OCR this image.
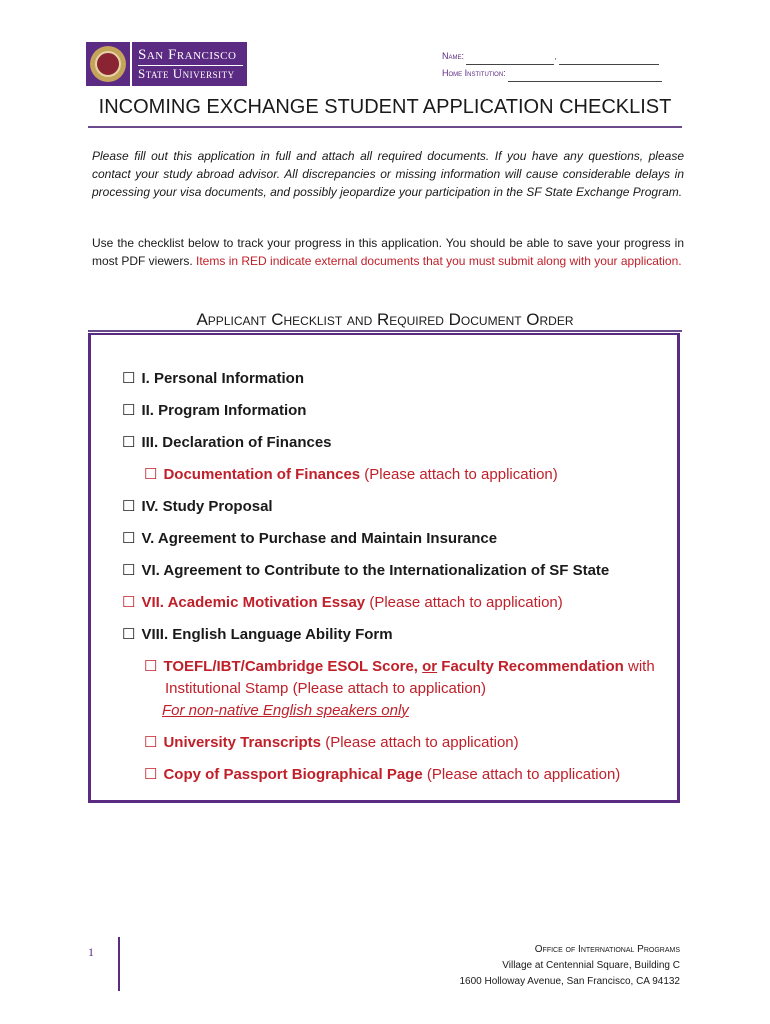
San Francisco
State University
Name:	,
Home Institution:
INCOMING EXCHANGE STUDENT APPLICATION CHECKLIST
Please fill out this application in full and attach all required documents. If you have any questions, please contact your study abroad advisor. All discrepancies or missing information will cause considerable delays in processing your visa documents, and possibly jeopardize your participation in the SF State Exchange Program.
Use the checklist below to track your progress in this application. You should be able to save your progress in most PDF viewers. Items in RED indicate external documents that you must submit along with your application.
Applicant Checklist and Required Document Order
☐ I. Personal Information
☐ II. Program Information
☐ III. Declaration of Finances
☐ Documentation of Finances (Please attach to application)
☐ IV. Study Proposal
☐ V. Agreement to Purchase and Maintain Insurance
☐ VI. Agreement to Contribute to the Internationalization of SF State
☐ VII. Academic Motivation Essay (Please attach to application)
☐ VIII. English Language Ability Form
☐ TOEFL/IBT/Cambridge ESOL Score, or Faculty Recommendation with
Institutional Stamp (Please attach to application)
For non-native English speakers only
☐ University Transcripts (Please attach to application)
☐ Copy of Passport Biographical Page (Please attach to application)
1	Office of International Programs
Village at Centennial Square, Building C
1600 Holloway Avenue, San Francisco, CA 94132
